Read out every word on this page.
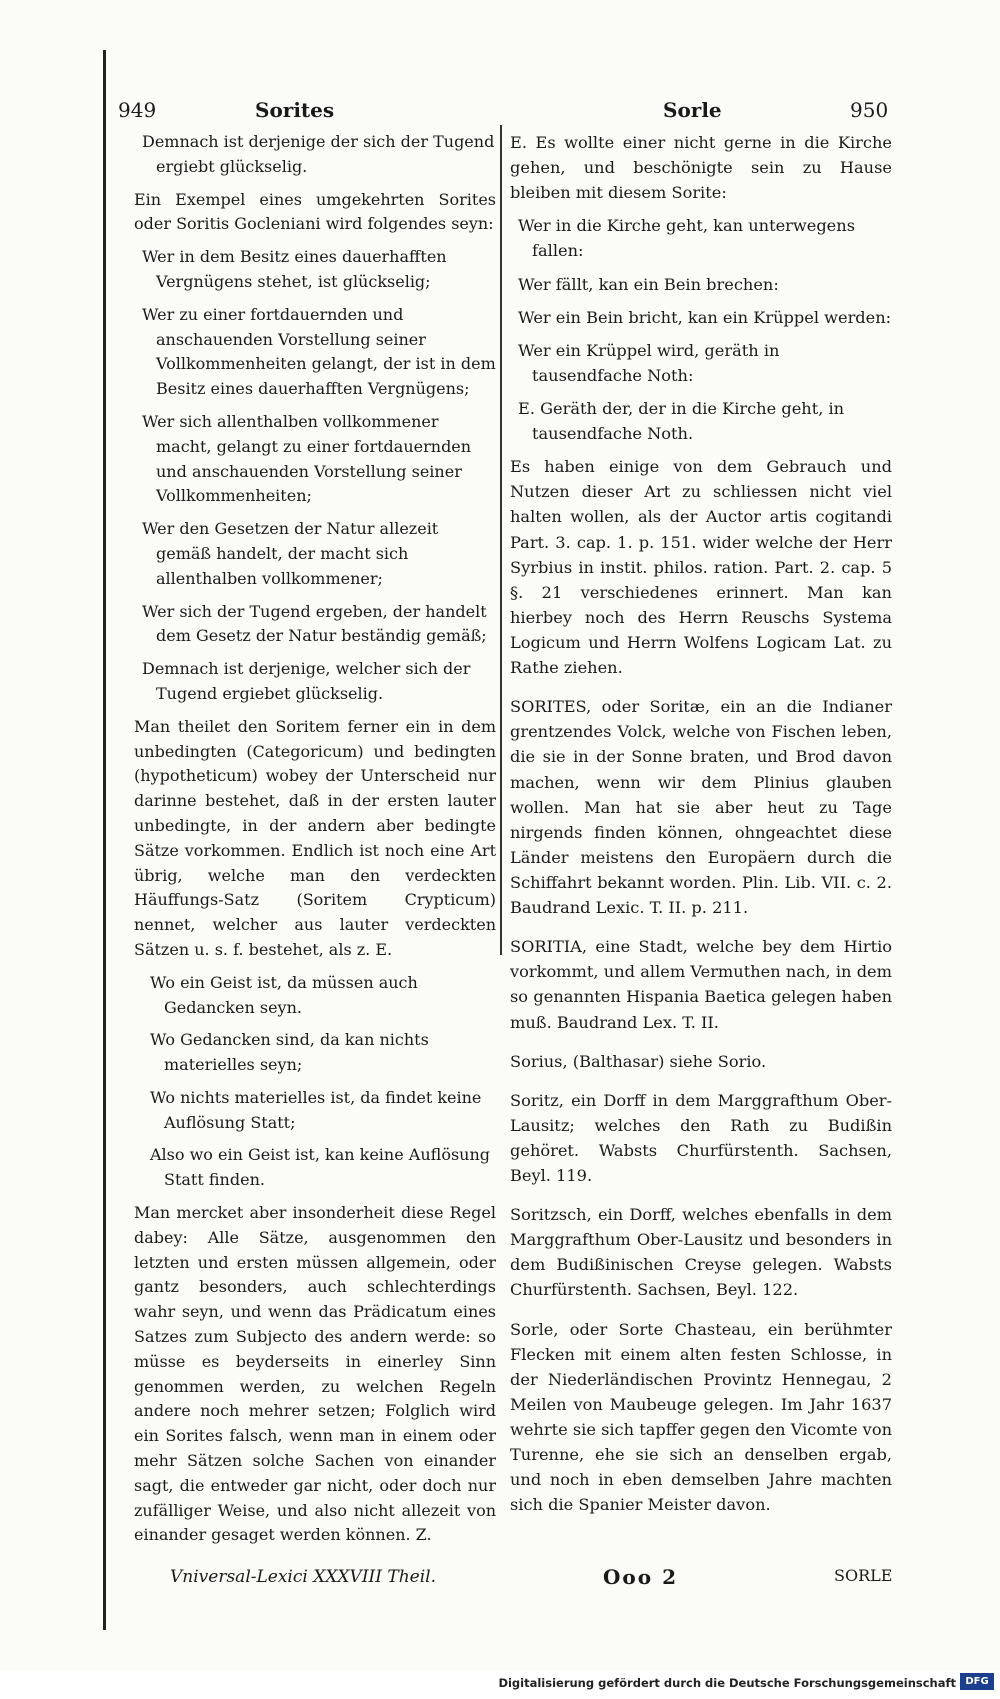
949	Sorites	Sorle	950

Demnach ist derjenige der sich der Tugend ergiebt glückselig.

Ein Exempel eines umgekehrten Sorites oder Soritis Gocleniani wird folgendes seyn:

Wer in dem Besitz eines dauerhafften Vergnügens stehet, ist glückselig;

Wer zu einer fortdauernden und anschauenden Vorstellung seiner Vollkommenheiten gelangt, der ist in dem Besitz eines dauerhafften Vergnügens;

Wer sich allenthalben vollkommener macht, gelangt zu einer fortdauernden und anschauenden Vorstellung seiner Vollkommenheiten;

Wer den Gesetzen der Natur allezeit gemäß handelt, der macht sich allenthalben vollkommener;

Wer sich der Tugend ergeben, der handelt dem Gesetz der Natur beständig gemäß;

Demnach ist derjenige, welcher sich der Tugend ergiebet glückselig.

Man theilet den Soritem ferner ein in dem unbedingten (Categoricum) und bedingten (hypotheticum) wobey der Unterscheid nur darinne bestehet, daß in der ersten lauter unbedingte, in der andern aber bedingte Sätze vorkommen. Endlich ist noch eine Art übrig, welche man den verdeckten Häuffungs-Satz (Soritem Crypticum) nennet, welcher aus lauter verdeckten Sätzen u. s. f. bestehet, als z. E.

Wo ein Geist ist, da müssen auch Gedancken seyn.

Wo Gedancken sind, da kan nichts materielles seyn;

Wo nichts materielles ist, da findet keine Auflösung Statt;

Also wo ein Geist ist, kan keine Auflösung Statt finden.

Man mercket aber insonderheit diese Regel dabey: Alle Sätze, ausgenommen den letzten und ersten müssen allgemein, oder gantz besonders, auch schlechterdings wahr seyn, und wenn das Prädicatum eines Satzes zum Subjecto des andern werde: so müsse es beyderseits in einerley Sinn genommen werden, zu welchen Regeln andere noch mehrer setzen; Folglich wird ein Sorites falsch, wenn man in einem oder mehr Sätzen solche Sachen von einander sagt, die entweder gar nicht, oder doch nur zufälliger Weise, und also nicht allezeit von einander gesaget werden können. Z.

E. Es wollte einer nicht gerne in die Kirche gehen, und beschönigte sein zu Hause bleiben mit diesem Sorite:

Wer in die Kirche geht, kan unterwegens fallen:

Wer fällt, kan ein Bein brechen:

Wer ein Bein bricht, kan ein Krüppel werden:

Wer ein Krüppel wird, geräth in tausendfache Noth:

E. Geräth der, der in die Kirche geht, in tausendfache Noth.

Es haben einige von dem Gebrauch und Nutzen dieser Art zu schliessen nicht viel halten wollen, als der Auctor artis cogitandi Part. 3. cap. 1. p. 151. wider welche der Herr Syrbius in instit. philos. ration. Part. 2. cap. 5 §. 21 verschiedenes erinnert. Man kan hierbey noch des Herrn Reuschs Systema Logicum und Herrn Wolfens Logicam Lat. zu Rathe ziehen.

SORITES, oder Soritæ, ein an die Indianer grentzendes Volck, welche von Fischen leben, die sie in der Sonne braten, und Brod davon machen, wenn wir dem Plinius glauben wollen. Man hat sie aber heut zu Tage nirgends finden können, ohngeachtet diese Länder meistens den Europäern durch die Schiffahrt bekannt worden. Plin. Lib. VII. c. 2. Baudrand Lexic. T. II. p. 211.

SORITIA, eine Stadt, welche bey dem Hirtio vorkommt, und allem Vermuthen nach, in dem so genannten Hispania Baetica gelegen haben muß. Baudrand Lex. T. II.

Sorius, (Balthasar) siehe Sorio.

Soritz, ein Dorff in dem Marggrafthum Ober-Lausitz; welches den Rath zu Budißin gehöret. Wabsts Churfürstenth. Sachsen, Beyl. 119.

Soritzsch, ein Dorff, welches ebenfalls in dem Marggrafthum Ober-Lausitz und besonders in dem Budißinischen Creyse gelegen. Wabsts Churfürstenth. Sachsen, Beyl. 122.

Sorle, oder Sorte Chasteau, ein berühmter Flecken mit einem alten festen Schlosse, in der Niederländischen Provintz Hennegau, 2 Meilen von Maubeuge gelegen. Im Jahr 1637 wehrte sie sich tapffer gegen den Vicomte von Turenne, ehe sie sich an denselben ergab, und noch in eben demselben Jahre machten sich die Spanier Meister davon.

Vniversal-Lexici XXXVIII Theil.	Ooo 2	SORLE
Digitalisierung gefördert durch die Deutsche Forschungsgemeinschaft DFG
